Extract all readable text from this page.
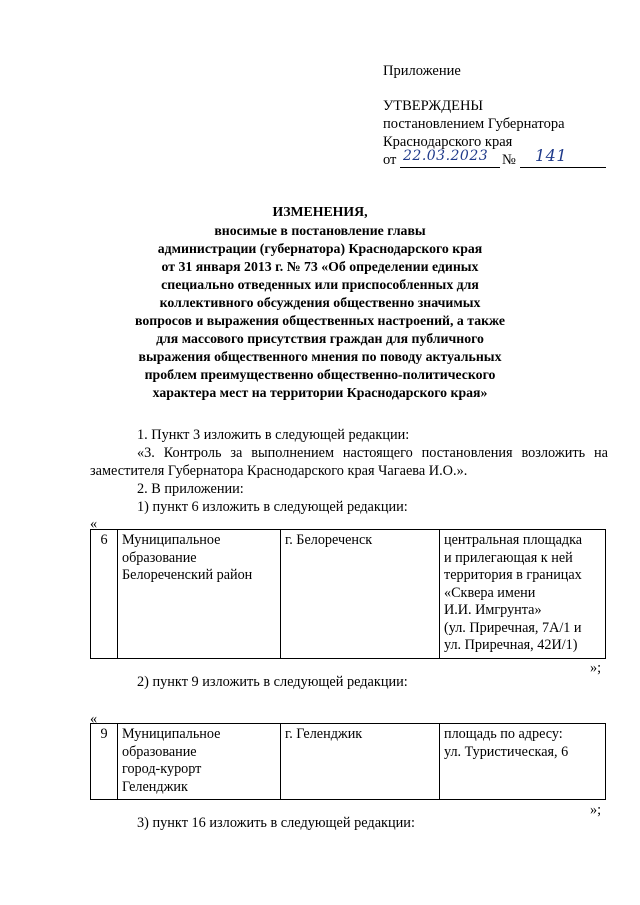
Приложение
УТВЕРЖДЕНЫ
постановлением Губернатора
Краснодарского края
от 22.03.2023 № 141
ИЗМЕНЕНИЯ,
вносимые в постановление главы
администрации (губернатора) Краснодарского края
от 31 января 2013 г. № 73 «Об определении единых
специально отведенных или приспособленных для
коллективного обсуждения общественно значимых
вопросов и выражения общественных настроений, а также
для массового присутствия граждан для публичного
выражения общественного мнения по поводу актуальных
проблем преимущественно общественно-политического
характера мест на территории Краснодарского края»
1. Пункт 3 изложить в следующей редакции:
«3. Контроль за выполнением настоящего постановления возложить на
заместителя Губернатора Краснодарского края Чагаева И.О.».
2. В приложении:
1) пункт 6 изложить в следующей редакции:
«
6	Муниципальное
образование
Белореченский район
	г. Белореченск	центральная площадка
и прилегающая к ней
территория в границах
«Сквера имени
И.И. Имгрунта»
(ул. Приречная, 7А/1 и
ул. Приречная, 42И/1)
»;
2) пункт 9 изложить в следующей редакции:
«
9	Муниципальное
образование
город-курорт
Геленджик
	г. Геленджик	площадь по адресу:
ул. Туристическая, 6
»;
3) пункт 16 изложить в следующей редакции:
